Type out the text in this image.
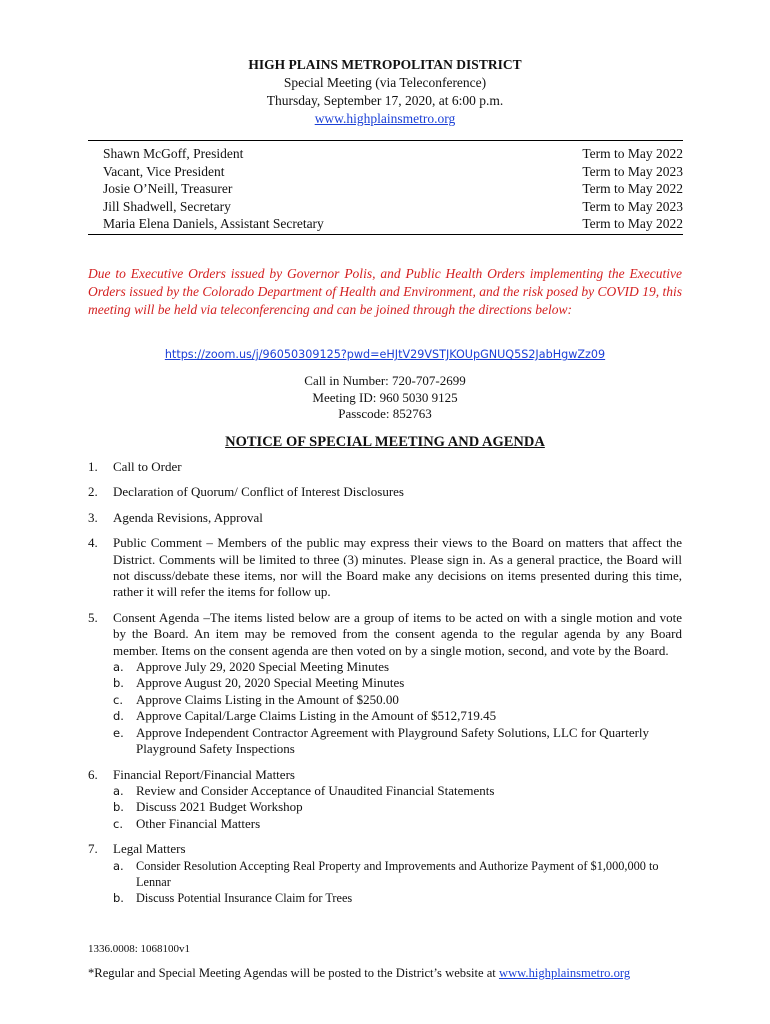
HIGH PLAINS METROPOLITAN DISTRICT
Special Meeting (via Teleconference)
Thursday, September 17, 2020, at 6:00 p.m.
www.highplainsmetro.org
Shawn McGoff, President	Term to May 2022
Vacant, Vice President	Term to May 2023
Josie O’Neill, Treasurer	Term to May 2022
Jill Shadwell, Secretary	Term to May 2023
Maria Elena Daniels, Assistant Secretary	Term to May 2022
Due to Executive Orders issued by Governor Polis, and Public Health Orders implementing the Executive Orders issued by the Colorado Department of Health and Environment, and the risk posed by COVID 19, this meeting will be held via teleconferencing and can be joined through the directions below:
https://zoom.us/j/96050309125?pwd=eHJtV29VSTJKOUpGNUQ5S2JabHgwZz09
Call in Number: 720-707-2699
Meeting ID: 960 5030 9125
Passcode: 852763
NOTICE OF SPECIAL MEETING AND AGENDA
1.	Call to Order
2.	Declaration of Quorum/ Conflict of Interest Disclosures
3.	Agenda Revisions, Approval
4.	Public Comment – Members of the public may express their views to the Board on matters that affect the District. Comments will be limited to three (3) minutes. Please sign in. As a general practice, the Board will not discuss/debate these items, nor will the Board make any decisions on items presented during this time, rather it will refer the items for follow up.
5.	Consent Agenda –The items listed below are a group of items to be acted on with a single motion and vote by the Board. An item may be removed from the consent agenda to the regular agenda by any Board member. Items on the consent agenda are then voted on by a single motion, second, and vote by the Board.
a. Approve July 29, 2020 Special Meeting Minutes
b. Approve August 20, 2020 Special Meeting Minutes
c.	Approve Claims Listing in the Amount of $250.00
d. Approve Capital/Large Claims Listing in the Amount of $512,719.45
e. Approve Independent Contractor Agreement with Playground Safety Solutions, LLC for Quarterly Playground Safety Inspections
6.	Financial Report/Financial Matters
a. Review and Consider Acceptance of Unaudited Financial Statements
b. Discuss 2021 Budget Workshop
c.	Other Financial Matters
7.	Legal Matters
a. Consider Resolution Accepting Real Property and Improvements and Authorize Payment of $1,000,000 to Lennar
b. Discuss Potential Insurance Claim for Trees
1336.0008: 1068100v1
*Regular and Special Meeting Agendas will be posted to the District’s website at www.highplainsmetro.org
